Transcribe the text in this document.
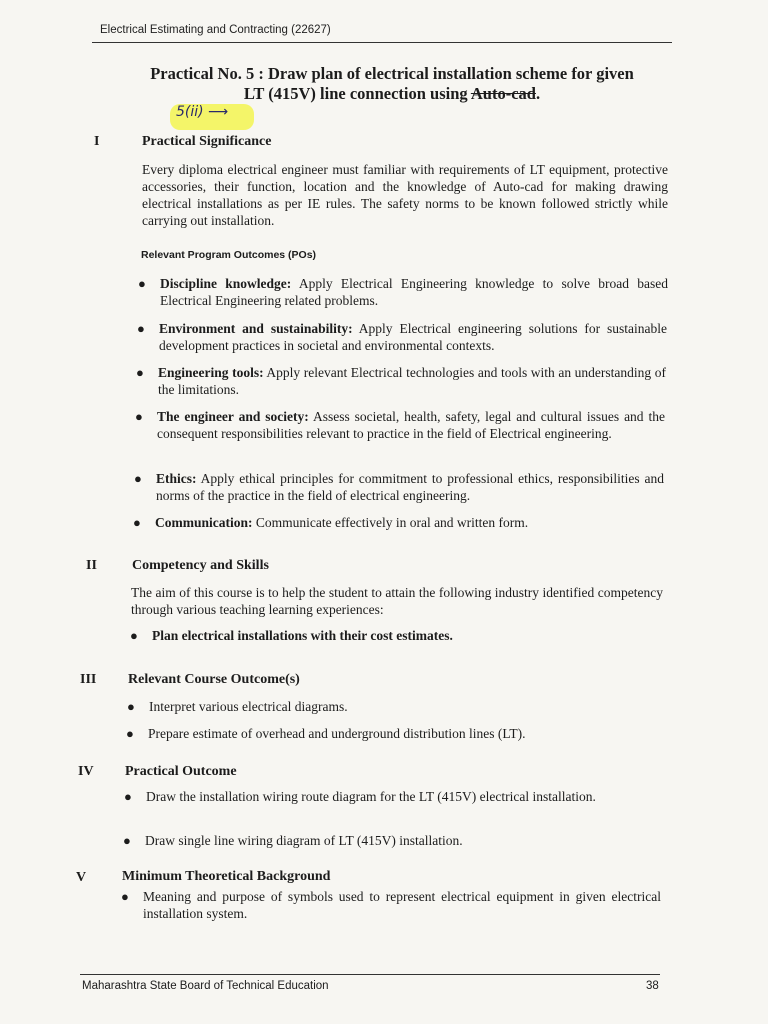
Electrical Estimating and Contracting (22627)
Practical No. 5 : Draw plan of electrical installation scheme for given
LT (415V) line connection using Auto-cad.
5(ii) ⟶
I	Practical Significance
Every diploma electrical engineer must familiar with requirements of LT equipment, protective accessories, their function, location and the knowledge of Auto-cad for making drawing electrical installations as per IE rules. The safety norms to be known followed strictly while carrying out installation.
Relevant Program Outcomes (POs)
● Discipline knowledge: Apply Electrical Engineering knowledge to solve broad based Electrical Engineering related problems.
● Environment and sustainability: Apply Electrical engineering solutions for sustainable development practices in societal and environmental contexts.
● Engineering tools: Apply relevant Electrical technologies and tools with an understanding of the limitations.
● The engineer and society: Assess societal, health, safety, legal and cultural issues and the consequent responsibilities relevant to practice in the field of Electrical engineering.
● Ethics: Apply ethical principles for commitment to professional ethics, responsibilities and norms of the practice in the field of electrical engineering.
● Communication: Communicate effectively in oral and written form.
II	Competency and Skills
The aim of this course is to help the student to attain the following industry identified competency through various teaching learning experiences:
● Plan electrical installations with their cost estimates.
III Relevant Course Outcome(s)
● Interpret various electrical diagrams.
● Prepare estimate of overhead and underground distribution lines (LT).
IV Practical Outcome
● Draw the installation wiring route diagram for the LT (415V) electrical installation.
● Draw single line wiring diagram of LT (415V) installation.
V	Minimum Theoretical Background
● Meaning and purpose of symbols used to represent electrical equipment in given electrical installation system.
Maharashtra State Board of Technical Education	38
